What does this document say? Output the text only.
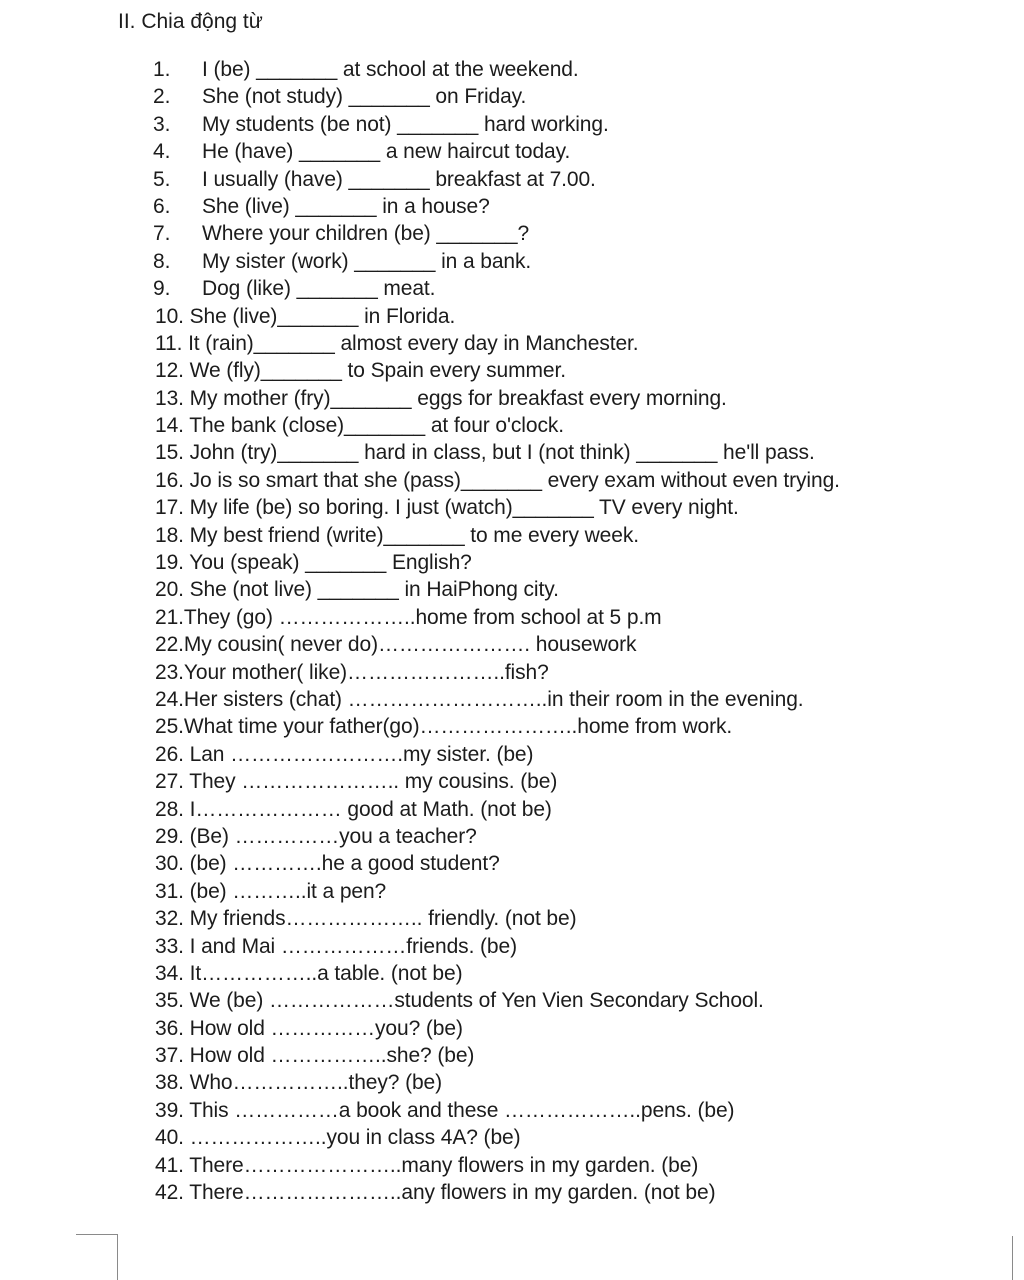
II. Chia động từ
1. I (be) _______ at school at the weekend.
2. She (not study) _______ on Friday.
3. My students (be not) _______ hard working.
4. He (have) _______ a new haircut today.
5. I usually (have) _______ breakfast at 7.00.
6. She (live) _______ in a house?
7. Where your children (be) _______?
8. My sister (work) _______ in a bank.
9. Dog (like) _______ meat.
10. She (live)_______ in Florida.
11. It (rain)_______ almost every day in Manchester.
12. We (fly)_______ to Spain every summer.
13. My mother (fry)_______ eggs for breakfast every morning.
14. The bank (close)_______ at four o'clock.
15. John (try)_______ hard in class, but I (not think) _______ he'll pass.
16. Jo is so smart that she (pass)_______ every exam without even trying.
17. My life (be) so boring. I just (watch)_______ TV every night.
18. My best friend (write)_______ to me every week.
19. You (speak) _______ English?
20. She (not live) _______ in HaiPhong city.
21.They (go) ………………..home from school at 5 p.m
22.My cousin( never do)…………………. housework
23.Your mother( like)…………………..fish?
24.Her sisters (chat) ………………………..in their room in the evening.
25.What time your father(go)…………………..home from work.
26. Lan …………………….my sister. (be)
27. They ………………….. my cousins. (be)
28. I………………… good at Math. (not be)
29. (Be) ……………you a teacher?
30. (be) ………….he a good student?
31. (be) ………..it a pen?
32. My friends……………….. friendly. (not be)
33. I and Mai ………………friends. (be)
34. It……………..a table. (not be)
35. We (be) ………………students of Yen Vien Secondary School.
36. How old ……………you? (be)
37. How old ……………..she? (be)
38. Who……………..they? (be)
39. This ……………a book and these ………………..pens. (be)
40. ………………..you in class 4A? (be)
41. There…………………..many flowers in my garden. (be)
42. There…………………..any flowers in my garden. (not be)
